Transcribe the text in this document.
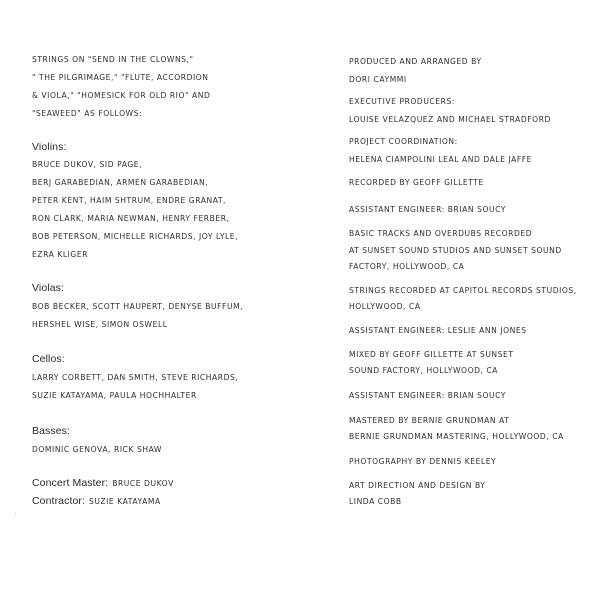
STRINGS ON "SEND IN THE CLOWNS,"
" THE PILGRIMAGE," "FLUTE, ACCORDION
& VIOLA," "HOMESICK FOR OLD RIO" AND
"SEAWEED" AS FOLLOWS:
Violins:
BRUCE DUKOV, SID PAGE,
BERJ GARABEDIAN, ARMEN GARABEDIAN,
PETER KENT, HAIM SHTRUM, ENDRE GRANAT,
RON CLARK, MARIA NEWMAN, HENRY FERBER,
BOB PETERSON, MICHELLE RICHARDS, JOY LYLE,
EZRA KLIGER
Violas:
BOB BECKER, SCOTT HAUPERT, DENYSE BUFFUM,
HERSHEL WISE, SIMON OSWELL
Cellos:
LARRY CORBETT, DAN SMITH, STEVE RICHARDS,
SUZIE KATAYAMA, PAULA HOCHHALTER
Basses:
DOMINIC GENOVA, RICK SHAW
Concert Master: BRUCE DUKOV
Contractor: SUZIE KATAYAMA
PRODUCED AND ARRANGED BY
DORI CAYMMI
EXECUTIVE PRODUCERS:
LOUISE VELAZQUEZ AND MICHAEL STRADFORD
PROJECT COORDINATION:
HELENA CIAMPOLINI LEAL AND DALE JAFFE
RECORDED BY GEOFF GILLETTE
ASSISTANT ENGINEER: BRIAN SOUCY
BASIC TRACKS AND OVERDUBS RECORDED
AT SUNSET SOUND STUDIOS AND SUNSET SOUND
FACTORY, HOLLYWOOD, CA
STRINGS RECORDED AT CAPITOL RECORDS STUDIOS,
HOLLYWOOD, CA
ASSISTANT ENGINEER: LESLIE ANN JONES
MIXED BY GEOFF GILLETTE AT SUNSET
SOUND FACTORY, HOLLYWOOD, CA
ASSISTANT ENGINEER: BRIAN SOUCY
MASTERED BY BERNIE GRUNDMAN AT
BERNIE GRUNDMAN MASTERING, HOLLYWOOD, CA
PHOTOGRAPHY BY DENNIS KEELEY
ART DIRECTION AND DESIGN BY
LINDA COBB
